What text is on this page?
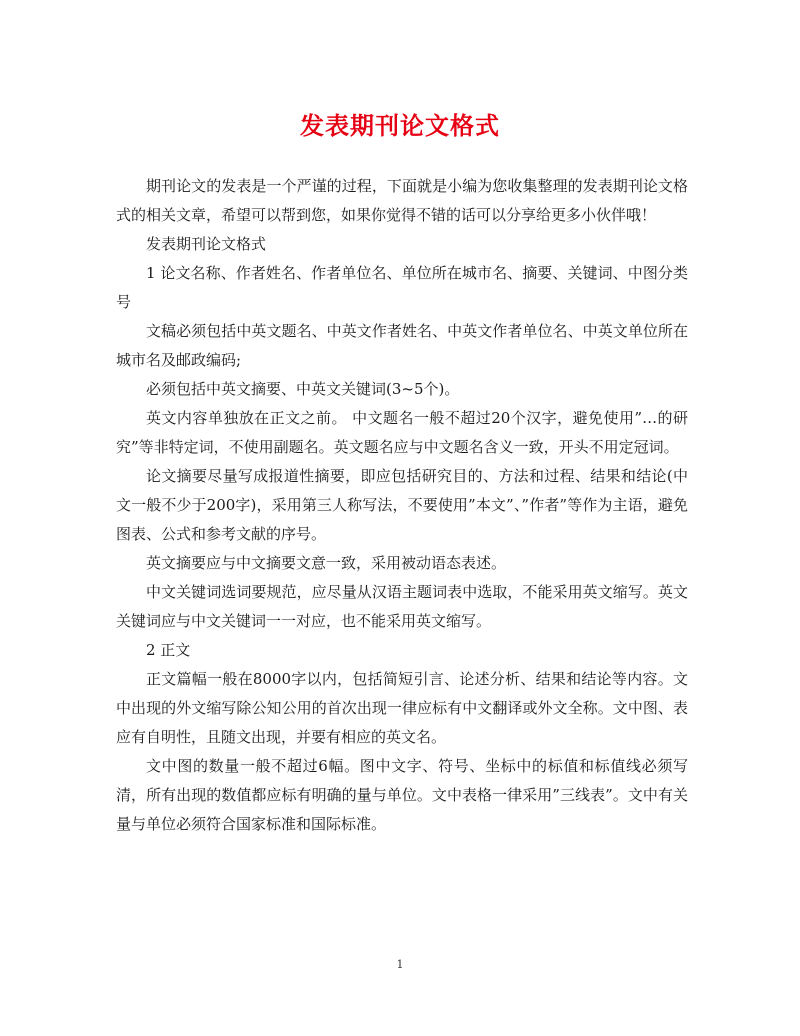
发表期刊论文格式

期刊论文的发表是一个严谨的过程，下面就是小编为您收集整理的发表期刊论文格式的相关文章，希望可以帮到您，如果你觉得不错的话可以分享给更多小伙伴哦！

发表期刊论文格式

1 论文名称、作者姓名、作者单位名、单位所在城市名、摘要、关键词、中图分类号

文稿必须包括中英文题名、中英文作者姓名、中英文作者单位名、中英文单位所在城市名及邮政编码;

必须包括中英文摘要、中英文关键词(3~5个)。

英文内容单独放在正文之前。 中文题名一般不超过20个汉字，避免使用”…的研究”等非特定词，不使用副题名。英文题名应与中文题名含义一致，开头不用定冠词。

论文摘要尽量写成报道性摘要，即应包括研究目的、方法和过程、结果和结论(中文一般不少于200字)，采用第三人称写法，不要使用”本文”、”作者”等作为主语，避免图表、公式和参考文献的序号。

英文摘要应与中文摘要文意一致，采用被动语态表述。

中文关键词选词要规范，应尽量从汉语主题词表中选取，不能采用英文缩写。英文关键词应与中文关键词一一对应，也不能采用英文缩写。

2 正文

正文篇幅一般在8000字以内，包括简短引言、论述分析、结果和结论等内容。文中出现的外文缩写除公知公用的首次出现一律应标有中文翻译或外文全称。文中图、表应有自明性，且随文出现，并要有相应的英文名。

文中图的数量一般不超过6幅。图中文字、符号、坐标中的标值和标值线必须写清，所有出现的数值都应标有明确的量与单位。文中表格一律采用”三线表”。文中有关量与单位必须符合国家标准和国际标准。

1
